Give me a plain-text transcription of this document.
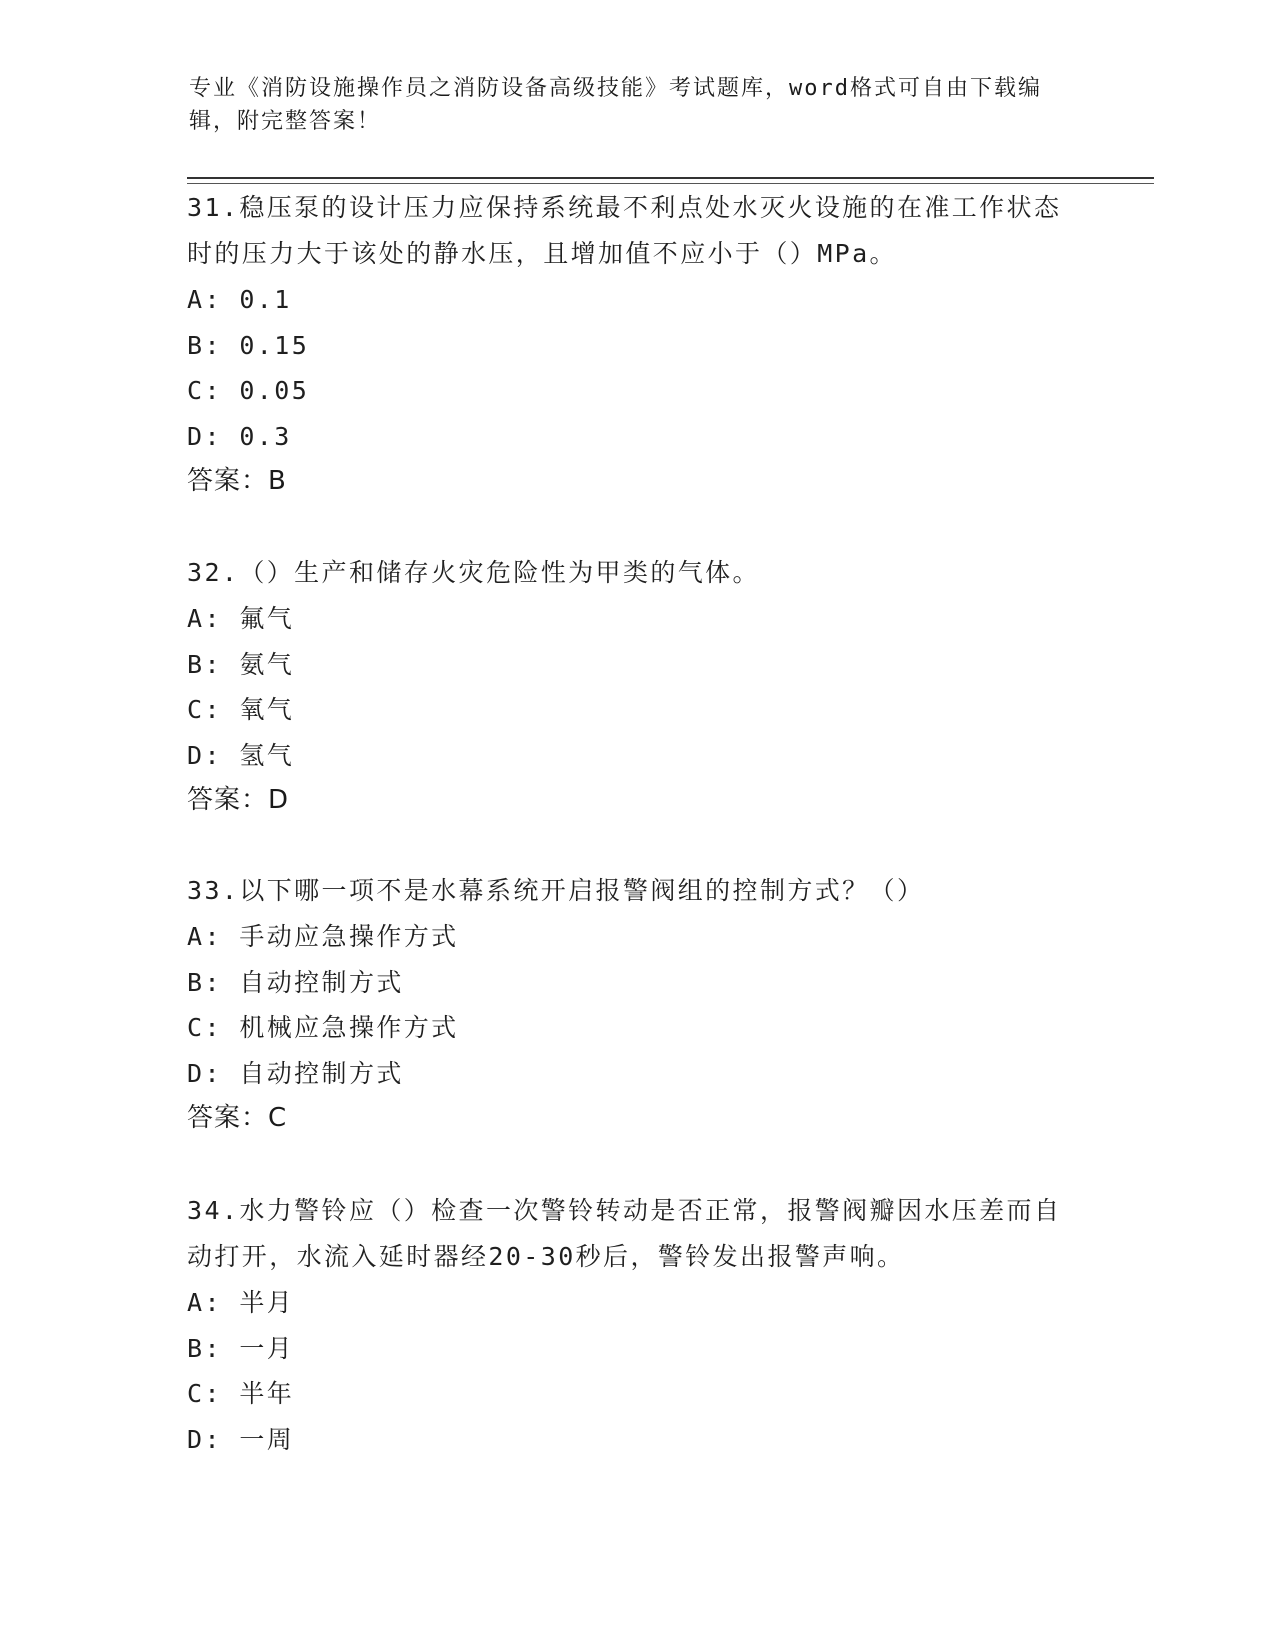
专业《消防设施操作员之消防设备高级技能》考试题库，word格式可自由下载编辑，附完整答案！

31.稳压泵的设计压力应保持系统最不利点处水灭火设施的在准工作状态时的压力大于该处的静水压，且增加值不应小于（）MPa。

A: 0.1

B: 0.15

C: 0.05

D: 0.3

答案：B

32.（）生产和储存火灾危险性为甲类的气体。

A: 氟气

B: 氨气

C: 氧气

D: 氢气

答案：D

33.以下哪一项不是水幕系统开启报警阀组的控制方式？（）

A: 手动应急操作方式

B: 自动控制方式

C: 机械应急操作方式

D: 自动控制方式

答案：C

34.水力警铃应（）检查一次警铃转动是否正常，报警阀瓣因水压差而自动打开，水流入延时器经20-30秒后，警铃发出报警声响。

A: 半月

B: 一月

C: 半年

D: 一周
